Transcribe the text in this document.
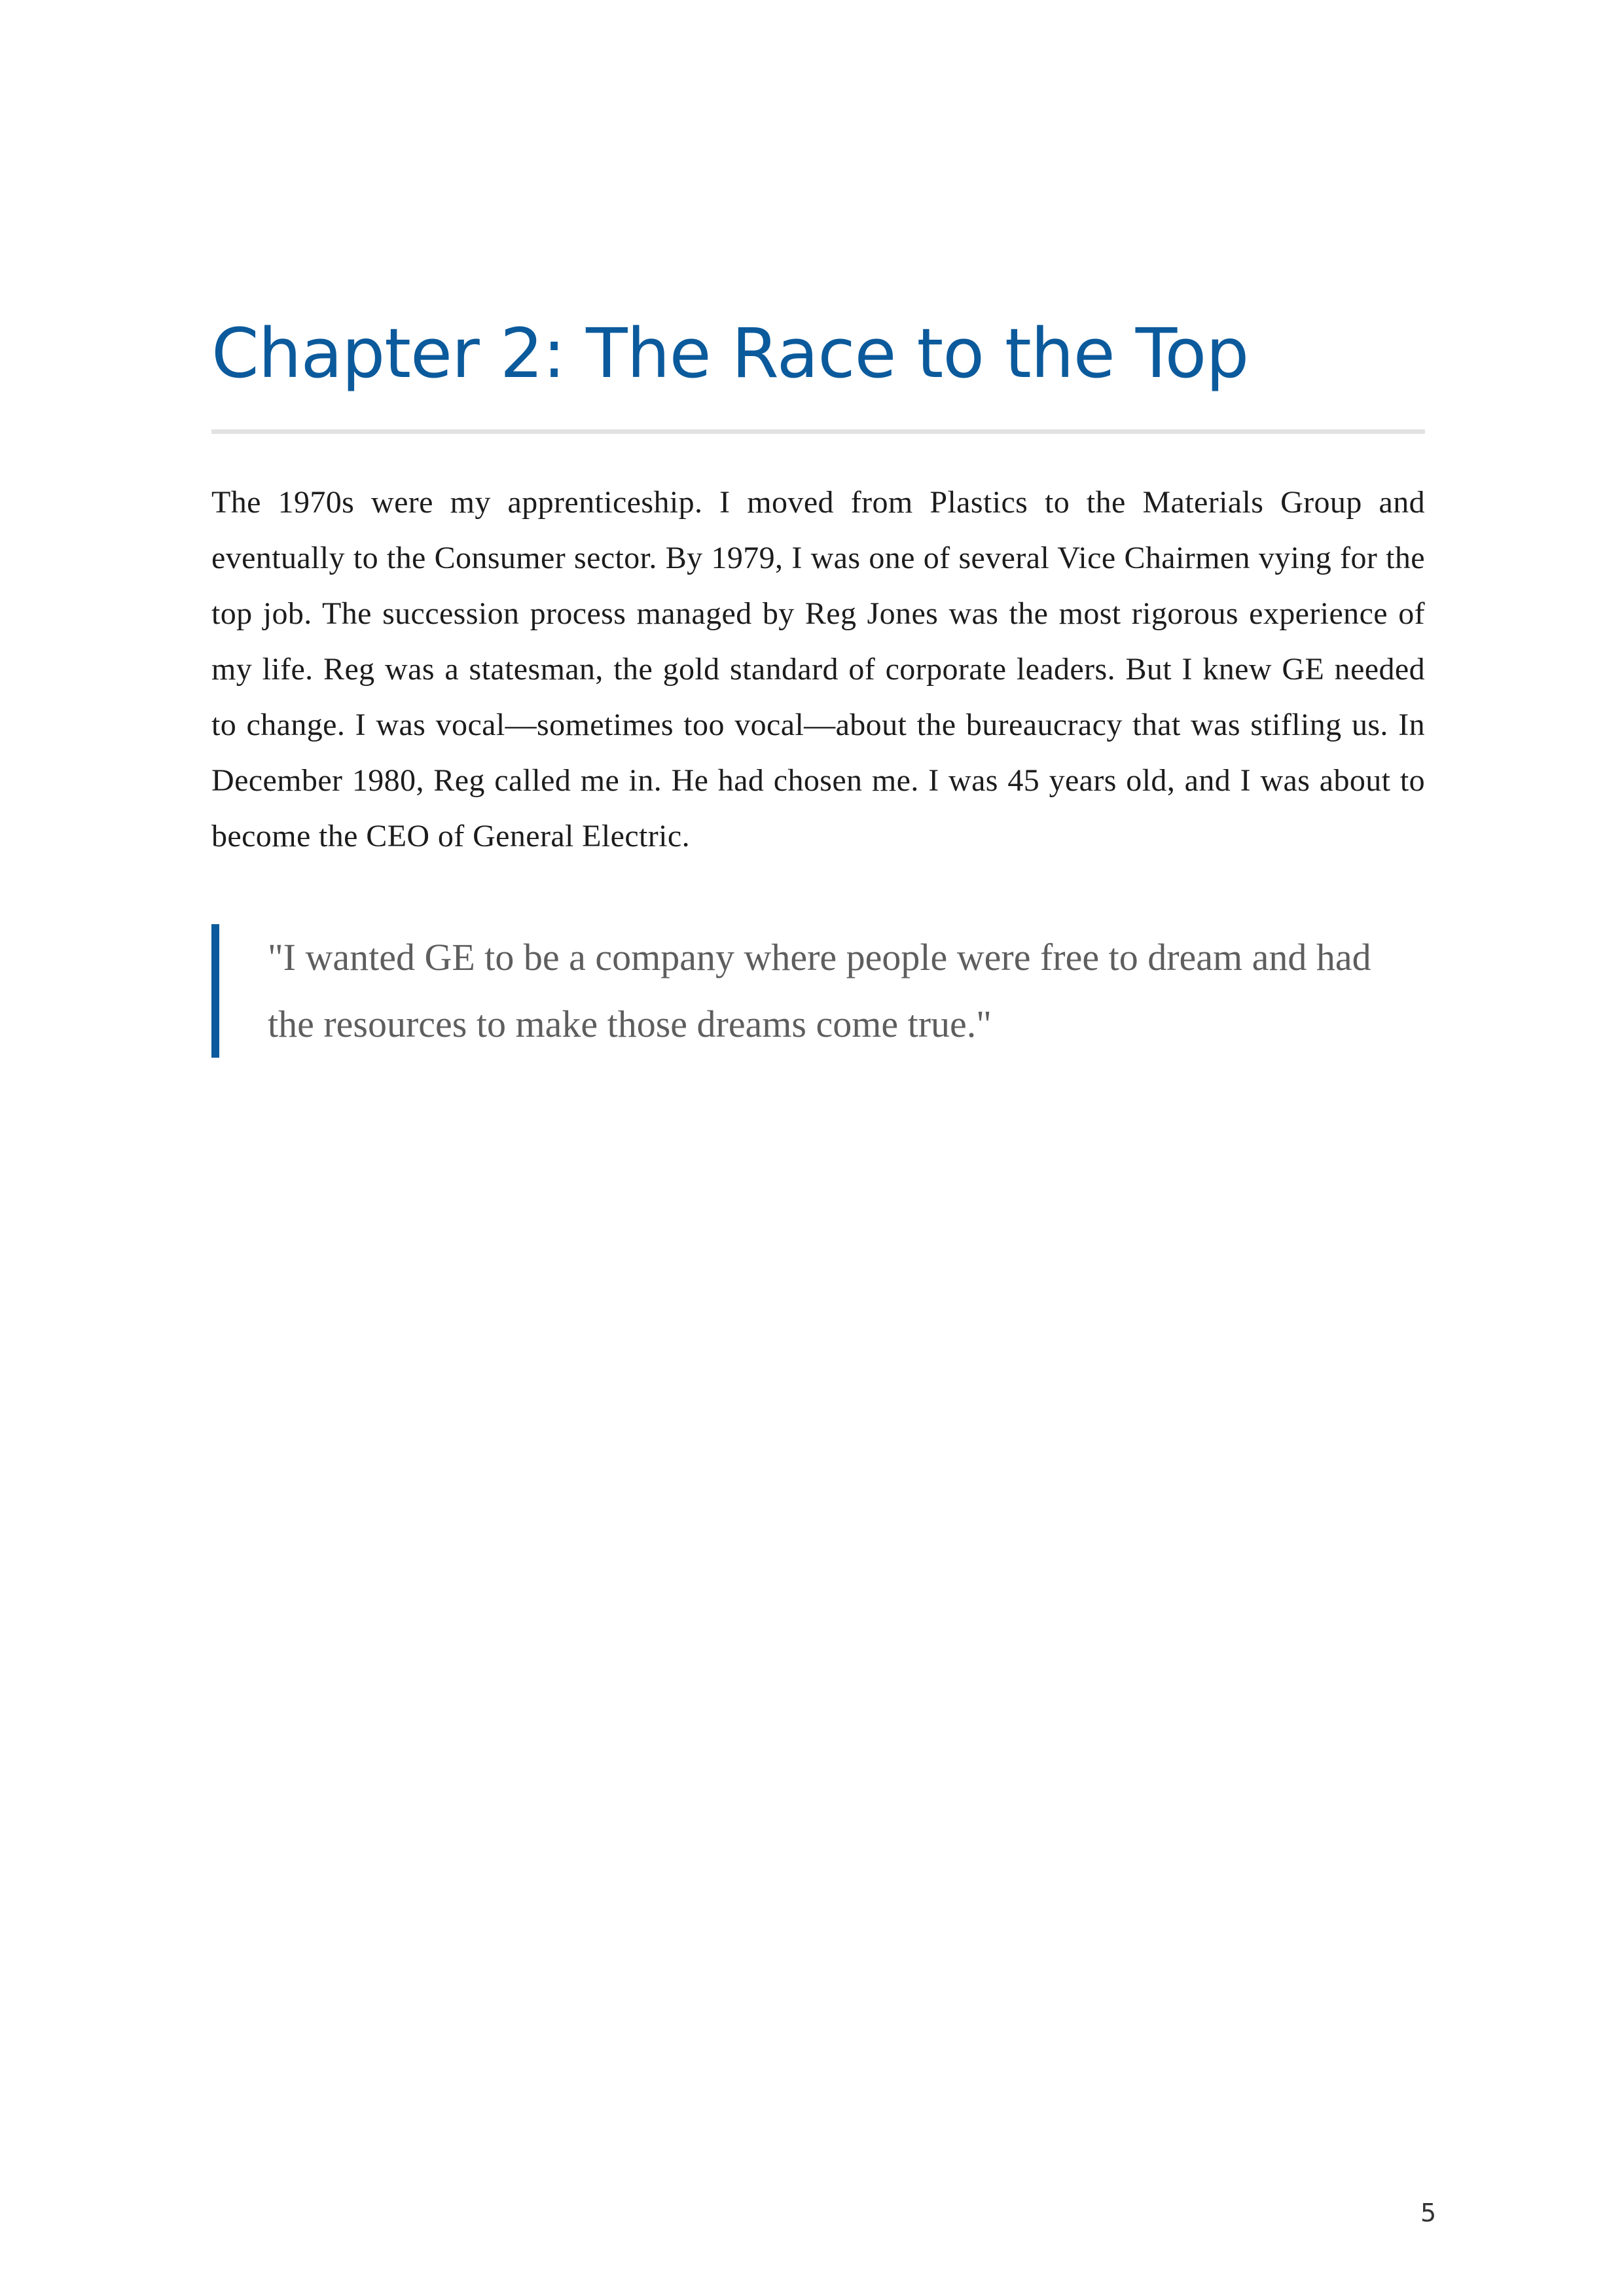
Chapter 2: The Race to the Top

The 1970s were my apprenticeship. I moved from Plastics to the Materials Group and eventually to the Consumer sector. By 1979, I was one of several Vice Chairmen vying for the top job. The succession process managed by Reg Jones was the most rigorous experience of my life. Reg was a statesman, the gold standard of corporate leaders. But I knew GE needed to change. I was vocal—sometimes too vocal—about the bureaucracy that was stifling us. In December 1980, Reg called me in. He had chosen me. I was 45 years old, and I was about to become the CEO of General Electric.

"I wanted GE to be a company where people were free to dream and had the resources to make those dreams come true."
5
